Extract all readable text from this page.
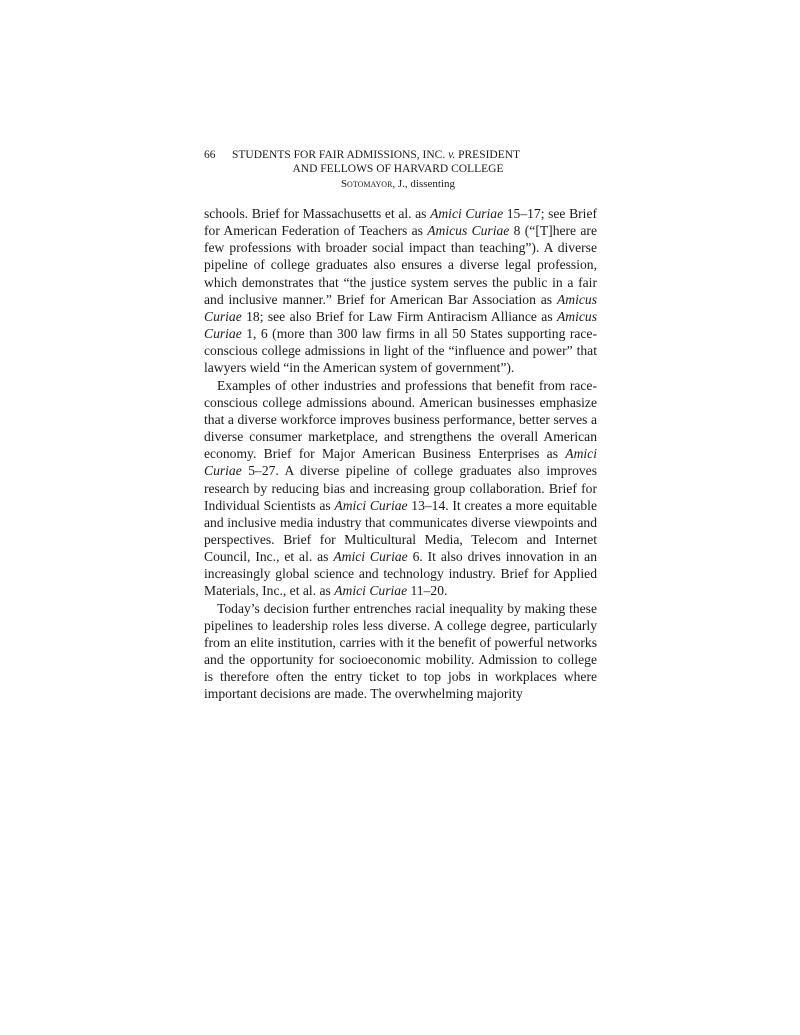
66	STUDENTS FOR FAIR ADMISSIONS, INC. v. PRESIDENT
AND FELLOWS OF HARVARD COLLEGE
Sotomayor, J., dissenting

schools. Brief for Massachusetts et al. as Amici Curiae 15–17; see Brief for American Federation of Teachers as Amicus Curiae 8 (“[T]here are few professions with broader social impact than teaching”). A diverse pipeline of college graduates also ensures a diverse legal profession, which demonstrates that “the justice system serves the public in a fair and inclusive manner.” Brief for American Bar Association as Amicus Curiae 18; see also Brief for Law Firm Antiracism Alliance as Amicus Curiae 1, 6 (more than 300 law firms in all 50 States supporting race-conscious college admissions in light of the “influence and power” that lawyers wield “in the American system of government”).

Examples of other industries and professions that benefit from race-conscious college admissions abound. American businesses emphasize that a diverse workforce improves business performance, better serves a diverse consumer marketplace, and strengthens the overall American economy. Brief for Major American Business Enterprises as Amici Curiae 5–27. A diverse pipeline of college graduates also improves research by reducing bias and increasing group collaboration. Brief for Individual Scientists as Amici Curiae 13–14. It creates a more equitable and inclusive media industry that communicates diverse viewpoints and perspectives. Brief for Multicultural Media, Telecom and Internet Council, Inc., et al. as Amici Curiae 6. It also drives innovation in an increasingly global science and technology industry. Brief for Applied Materials, Inc., et al. as Amici Curiae 11–20.

Today’s decision further entrenches racial inequality by making these pipelines to leadership roles less diverse. A college degree, particularly from an elite institution, carries with it the benefit of powerful networks and the opportunity for socioeconomic mobility. Admission to college is therefore often the entry ticket to top jobs in workplaces where important decisions are made. The overwhelming majority
